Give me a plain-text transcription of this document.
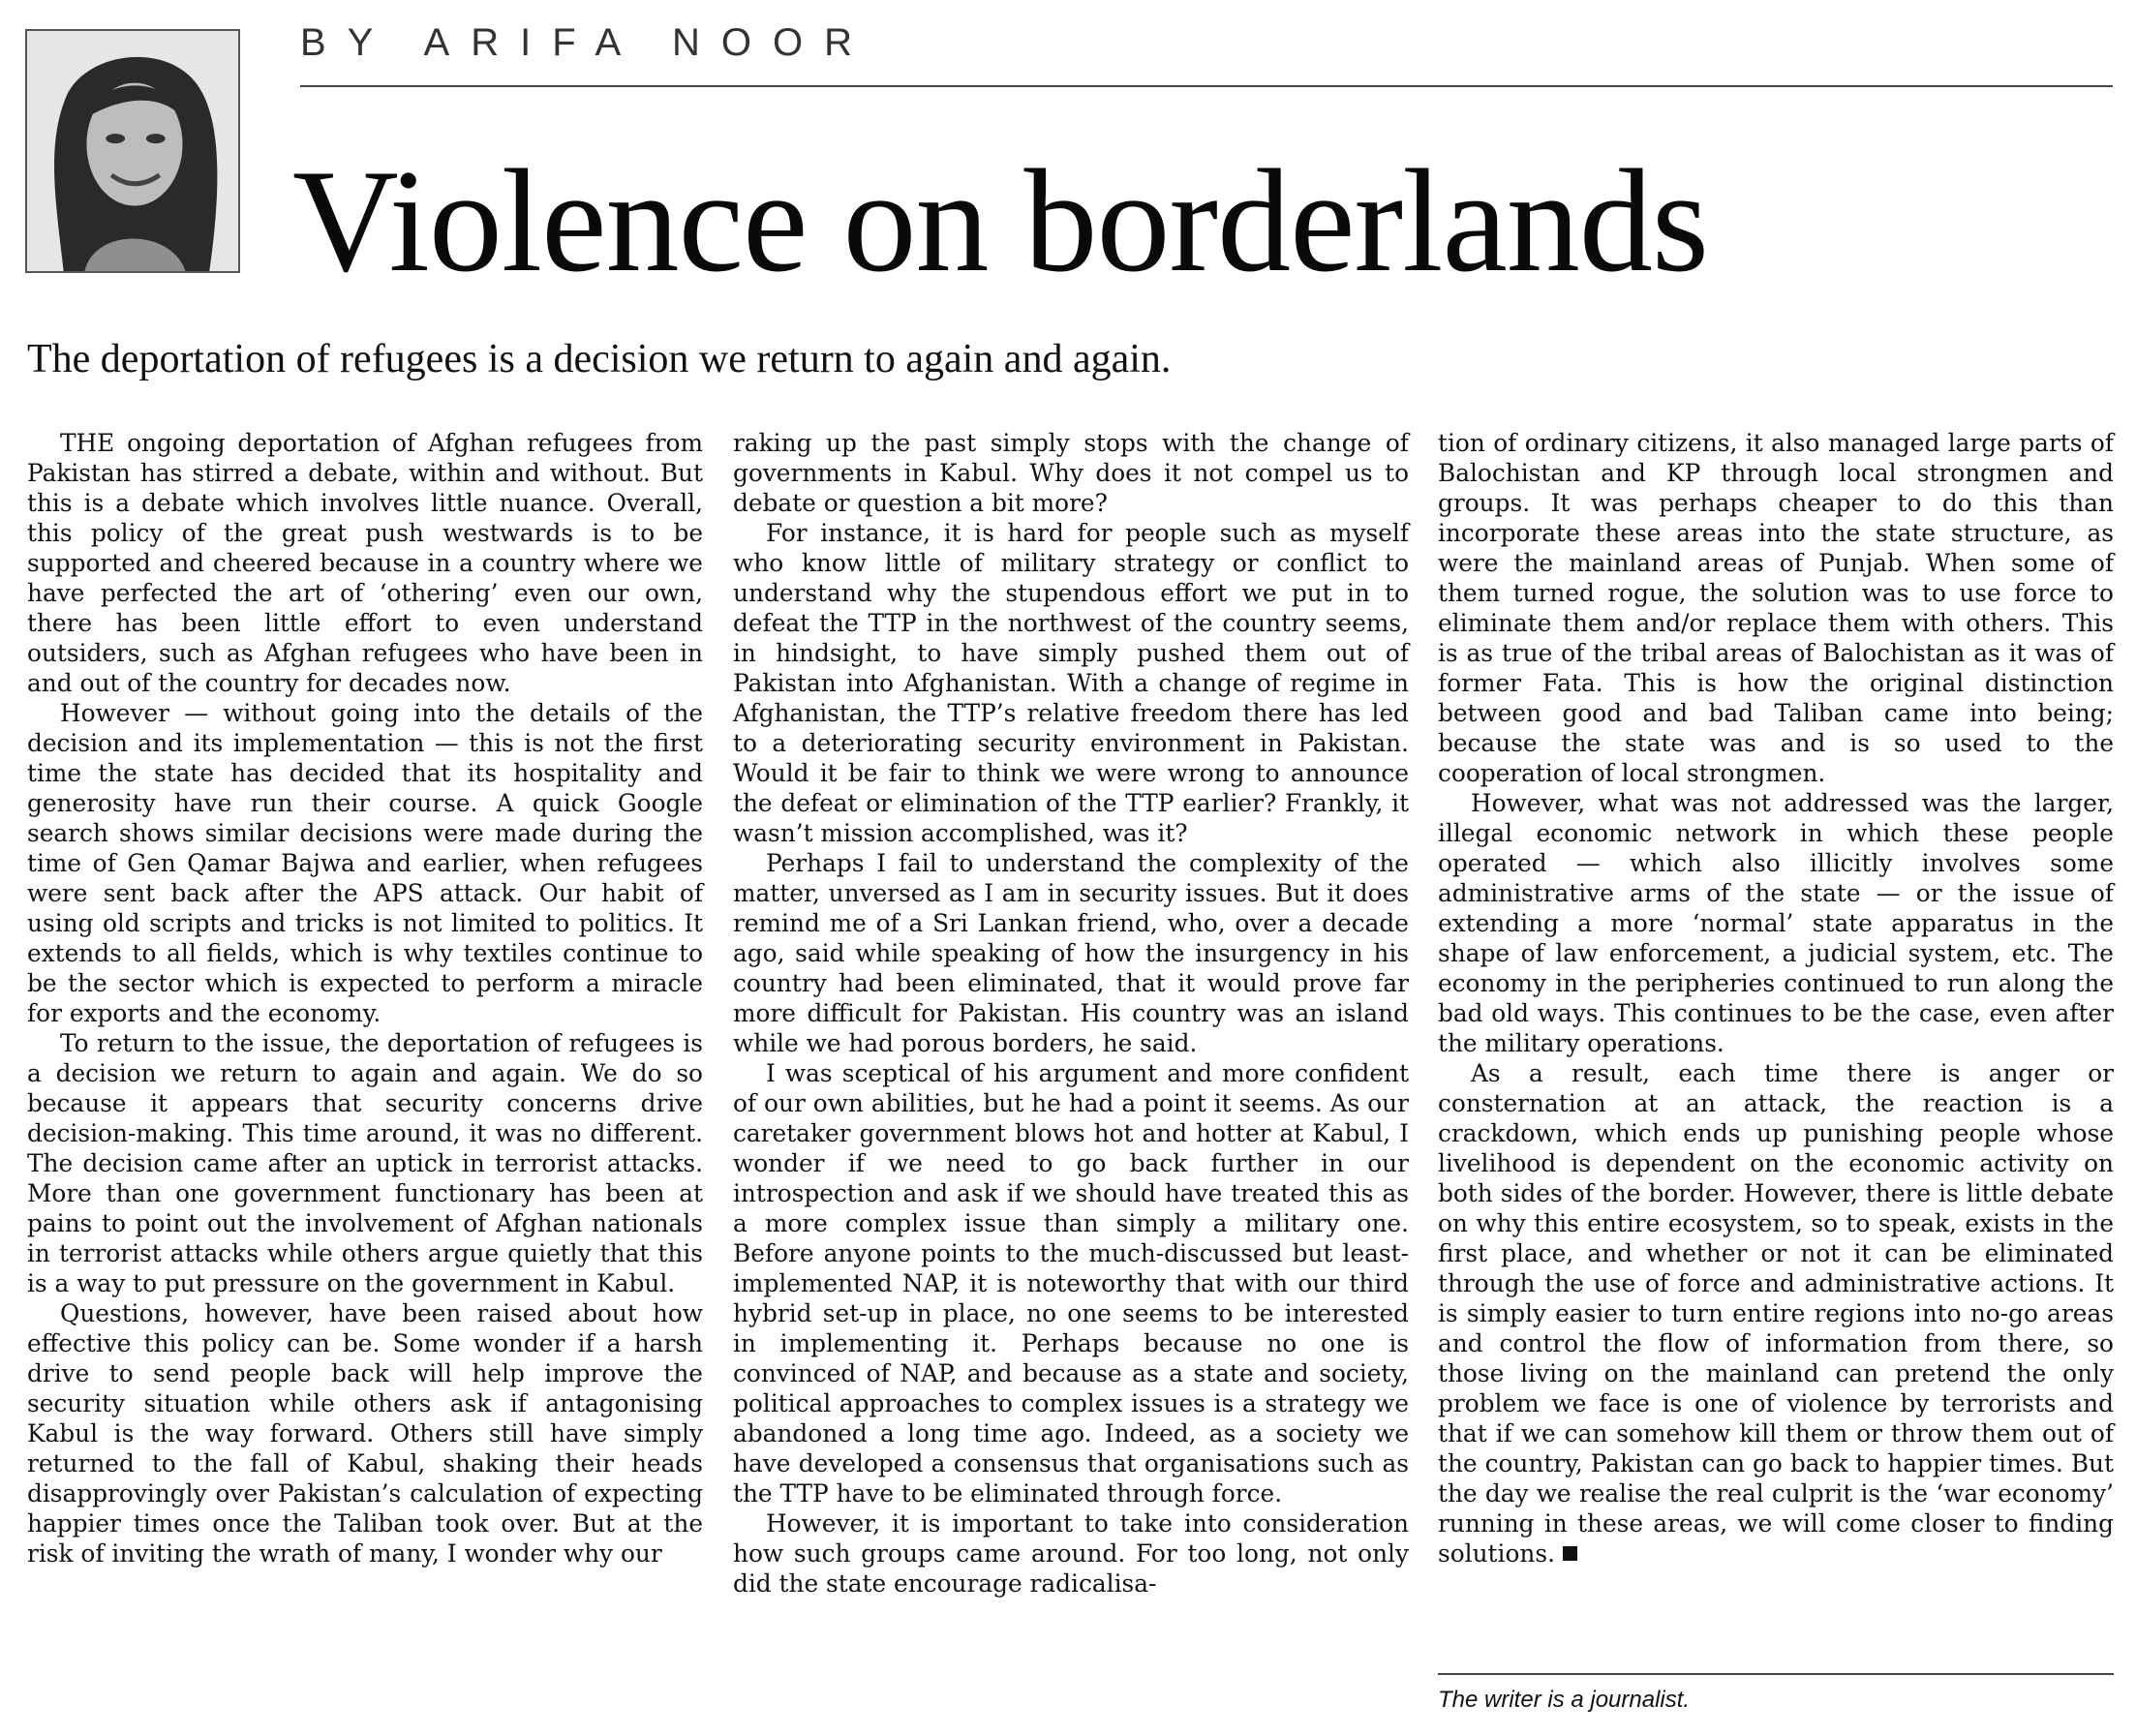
BY ARIFA NOOR
Violence on borderlands

The deportation of refugees is a decision we return to again and again.

THE ongoing deportation of Afghan refugees from Pakistan has stirred a debate, within and without. But this is a debate which involves little nuance. Overall, this policy of the great push westwards is to be supported and cheered because in a country where we have perfected the art of ‘othering’ even our own, there has been little effort to even understand outsiders, such as Afghan refugees who have been in and out of the country for decades now.

However — without going into the details of the decision and its implementation — this is not the first time the state has decided that its hospitality and generosity have run their course. A quick Google search shows similar decisions were made during the time of Gen Qamar Bajwa and earlier, when refugees were sent back after the APS attack. Our habit of using old scripts and tricks is not limited to politics. It extends to all fields, which is why textiles continue to be the sector which is expected to perform a miracle for exports and the economy.

To return to the issue, the deportation of refugees is a decision we return to again and again. We do so because it appears that security concerns drive decision-making. This time around, it was no different. The decision came after an uptick in terrorist attacks. More than one government functionary has been at pains to point out the involvement of Afghan nationals in terrorist attacks while others argue quietly that this is a way to put pressure on the government in Kabul.

Questions, however, have been raised about how effective this policy can be. Some wonder if a harsh drive to send people back will help improve the security situation while others ask if antagonising Kabul is the way forward. Others still have simply returned to the fall of Kabul, shaking their heads disapprovingly over Pakistan’s calculation of expecting happier times once the Taliban took over. But at the risk of inviting the wrath of many, I wonder why our

raking up the past simply stops with the change of governments in Kabul. Why does it not compel us to debate or question a bit more?

For instance, it is hard for people such as myself who know little of military strategy or conflict to understand why the stupendous effort we put in to defeat the TTP in the northwest of the country seems, in hindsight, to have simply pushed them out of Pakistan into Afghanistan. With a change of regime in Afghanistan, the TTP’s relative freedom there has led to a deteriorating security environment in Pakistan. Would it be fair to think we were wrong to announce the defeat or elimination of the TTP earlier? Frankly, it wasn’t mission accomplished, was it?

Perhaps I fail to understand the complexity of the matter, unversed as I am in security issues. But it does remind me of a Sri Lankan friend, who, over a decade ago, said while speaking of how the insurgency in his country had been eliminated, that it would prove far more difficult for Pakistan. His country was an island while we had porous borders, he said.

I was sceptical of his argument and more confident of our own abilities, but he had a point it seems. As our caretaker government blows hot and hotter at Kabul, I wonder if we need to go back further in our introspection and ask if we should have treated this as a more complex issue than simply a military one. Before anyone points to the much-discussed but least-implemented NAP, it is noteworthy that with our third hybrid set-up in place, no one seems to be interested in implementing it. Perhaps because no one is convinced of NAP, and because as a state and society, political approaches to complex issues is a strategy we abandoned a long time ago. Indeed, as a society we have developed a consensus that organisations such as the TTP have to be eliminated through force.

However, it is important to take into consideration how such groups came around. For too long, not only did the state encourage radicalisa-

tion of ordinary citizens, it also managed large parts of Balochistan and KP through local strongmen and groups. It was perhaps cheaper to do this than incorporate these areas into the state structure, as were the mainland areas of Punjab. When some of them turned rogue, the solution was to use force to eliminate them and/or replace them with others. This is as true of the tribal areas of Balochistan as it was of former Fata. This is how the original distinction between good and bad Taliban came into being; because the state was and is so used to the cooperation of local strongmen.

However, what was not addressed was the larger, illegal economic network in which these people operated — which also illicitly involves some administrative arms of the state — or the issue of extending a more ‘normal’ state apparatus in the shape of law enforcement, a judicial system, etc. The economy in the peripheries continued to run along the bad old ways. This continues to be the case, even after the military operations.

As a result, each time there is anger or consternation at an attack, the reaction is a crackdown, which ends up punishing people whose livelihood is dependent on the economic activity on both sides of the border. However, there is little debate on why this entire ecosystem, so to speak, exists in the first place, and whether or not it can be eliminated through the use of force and administrative actions. It is simply easier to turn entire regions into no-go areas and control the flow of information from there, so those living on the mainland can pretend the only problem we face is one of violence by terrorists and that if we can somehow kill them or throw them out of the country, Pakistan can go back to happier times. But the day we realise the real culprit is the ‘war economy’ running in these areas, we will come closer to finding solutions.

The writer is a journalist.
